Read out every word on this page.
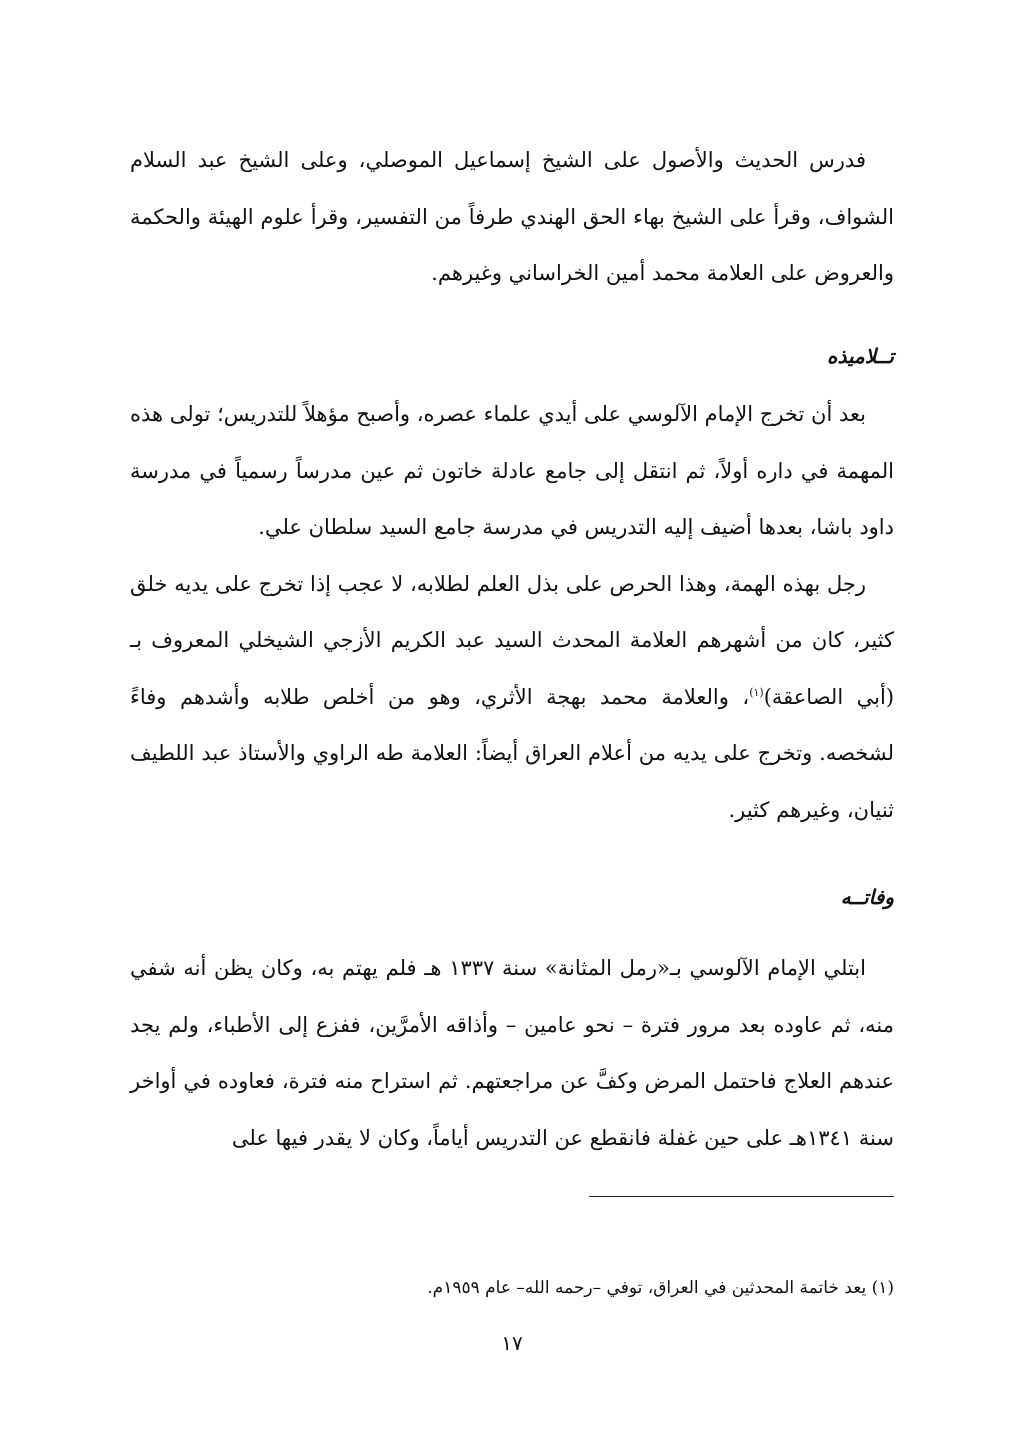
فدرس الحديث والأصول على الشيخ إسماعيل الموصلي، وعلى الشيخ عبد السلام الشواف، وقرأ على الشيخ بهاء الحق الهندي طرفاً من التفسير، وقرأ علوم الهيئة والحكمة والعروض على العلامة محمد أمين الخراساني وغيرهم.

تــلاميذه

بعد أن تخرج الإمام الآلوسي على أيدي علماء عصره، وأصبح مؤهلاً للتدريس؛ تولى هذه المهمة في داره أولاً، ثم انتقل إلى جامع عادلة خاتون ثم عين مدرساً رسمياً في مدرسة داود باشا، بعدها أضيف إليه التدريس في مدرسة جامع السيد سلطان علي.

رجل بهذه الهمة، وهذا الحرص على بذل العلم لطلابه، لا عجب إذا تخرج على يديه خلق كثير، كان من أشهرهم العلامة المحدث السيد عبد الكريم الأزجي الشيخلي المعروف بـ (أبي الصاعقة)$^{(١)}$، والعلامة محمد بهجة الأثري، وهو من أخلص طلابه وأشدهم وفاءً لشخصه. وتخرج على يديه من أعلام العراق أيضاً: العلامة طه الراوي والأستاذ عبد اللطيف ثنيان، وغيرهم كثير.

وفاتــه

ابتلي الإمام الآلوسي بـ«رمل المثانة» سنة ١٣٣٧ هـ فلم يهتم به، وكان يظن أنه شفي منه، ثم عاوده بعد مرور فترة – نحو عامين – وأذاقه الأمرَّين، ففزع إلى الأطباء، ولم يجد عندهم العلاج فاحتمل المرض وكفَّ عن مراجعتهم. ثم استراح منه فترة، فعاوده في أواخر سنة ١٣٤١هـ على حين غفلة فانقطع عن التدريس أياماً، وكان لا يقدر فيها على

(١) يعد خاتمة المحدثين في العراق، توفي –رحمه الله– عام ١٩٥٩م.

١٧
